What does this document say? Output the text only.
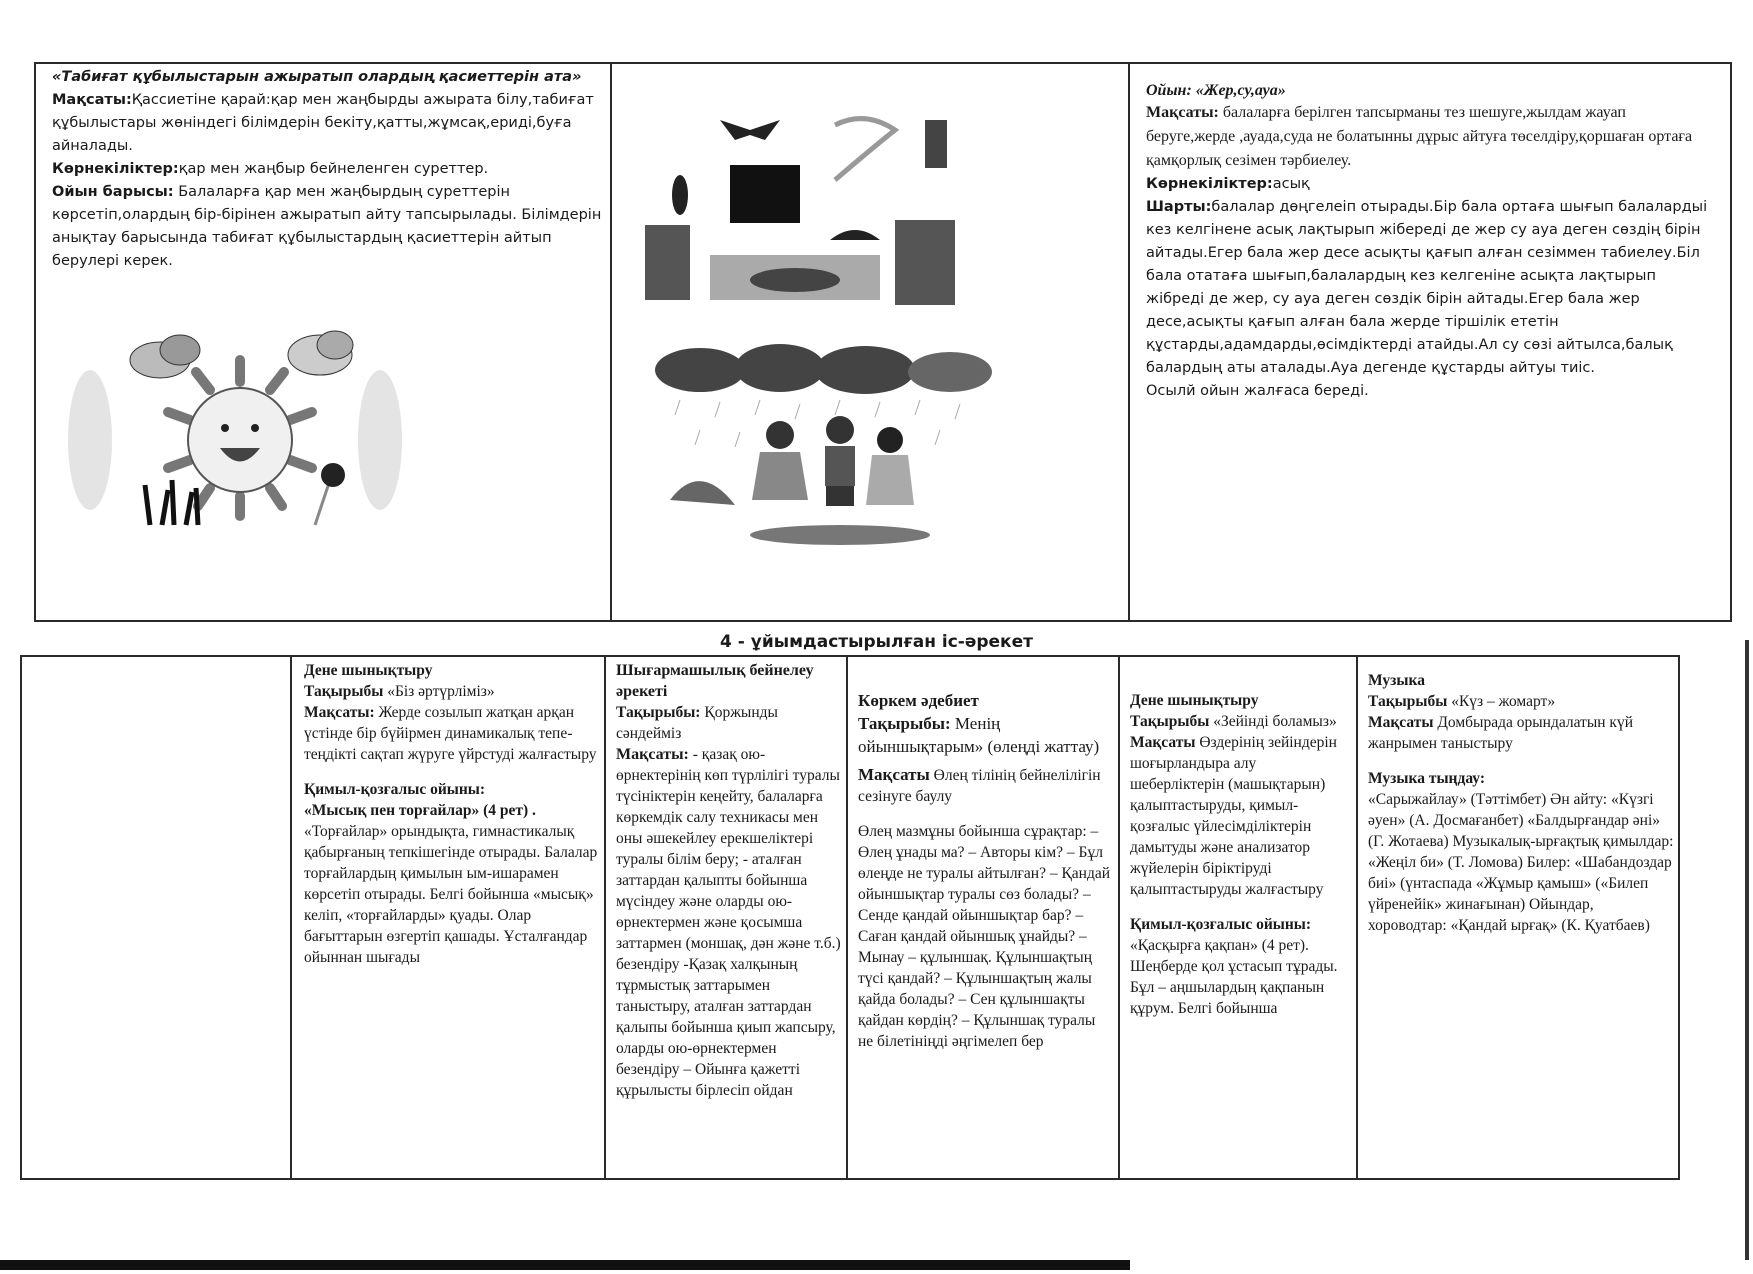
«Табиғат құбылыстарын ажыратып олардың қасиеттерін ата»

Мақсаты:Қассиетіне қарай:қар мен жаңбырды ажырата білу,табиғат құбылыстары жөніндегі білімдерін бекіту,қатты,жұмсақ,ериді,буға айналады.

Көрнекіліктер:қар мен жаңбыр бейнеленген суреттер.

Ойын барысы: Балаларға қар мен жаңбырдың суреттерін көрсетіп,олардың бір-бірінен ажыратып айту тапсырылады. Білімдерін анықтау барысында табиғат құбылыстардың қасиеттерін айтып берулері керек.

Ойын: «Жер,су,ауа»

Мақсаты: балаларға берілген тапсырманы тез шешуге,жылдам жауап беруге,жерде ,ауада,суда не болатынны дұрыс айтуға төселдіру,қоршаған ортаға қамқорлық сезімен тәрбиелеу.

Көрнекіліктер:асық

Шарты:балалар дөңгелеіп отырады.Бір бала ортаға шығып балалардыі кез келгінене асық лақтырып жібереді де жер су ауа деген сөздің бірін айтады.Егер бала жер десе асықты қағып алған сезіммен табиелеу.Біл бала отатаға шығып,балалардың кез келгеніне асықта лақтырып жібреді де жер, су ауа деген сөздік бірін айтады.Егер бала жер десе,асықты қағып алған бала жерде тіршілік ететін құстарды,адамдарды,өсімдіктерді атайды.Ал су сөзі айтылса,балық балардың аты аталады.Ауа дегенде құстарды айтуы тиіс.

Осылй ойын жалғаса береді.

4 - ұйымдастырылған іс-әрекет

Дене шынықтыру

Тақырыбы «Біз әртүрліміз»

Мақсаты: Жерде созылып жатқан арқан үстінде бір бүйірмен динамикалық тепе- теңдікті сақтап жүруге үйрстуді жалғастыру

Қимыл-қозғалыс ойыны:

«Мысық пен торғайлар» (4 рет) . «Торғайлар» орындықта, гимнастикалық қабырғаның тепкішегінде отырады. Балалар торғайлардың қимылын ым-ишарамен көрсетіп отырады. Белгі бойынша «мысық» келіп, «торғайларды» қуады. Олар бағыттарын өзгертіп қашады. Ұсталғандар ойыннан шығады

Шығармашылық бейнелеу әрекеті

Тақырыбы: Қоржынды сәндейміз

Мақсаты: - қазақ ою-өрнектерінің көп түрлілігі туралы түсініктерін кеңейту, балаларға көркемдік салу техникасы мен оны әшекейлеу ерекшеліктері туралы білім беру; - аталған заттардан қалыпты бойынша мүсіндеу және оларды ою-өрнектермен және қосымша заттармен (моншақ, дән және т.б.) безендіру -Қазақ халқының тұрмыстық заттарымен таныстыру, аталған заттардан қалыпы бойынша қиып жапсыру, оларды ою-өрнектермен безендіру – Ойынға қажетті құрылысты бірлесіп ойдан

Көркем әдебиет

Тақырыбы: Менің ойыншықтарым» (өлеңді жаттау)

Мақсаты Өлең тілінің бейнелілігін сезінуге баулу

Өлең мазмұны бойынша сұрақтар: – Өлең ұнады ма? – Авторы кім? – Бұл өлеңде не туралы айтылған? – Қандай ойыншықтар туралы сөз болады? – Сенде қандай ойыншықтар бар? – Саған қандай ойыншық ұнайды? – Мынау – құлыншақ. Құлыншақтың түсі қандай? – Құлыншақтың жалы қайда болады? – Сен құлыншақты қайдан көрдің? – Құлыншақ туралы не білетініңді әңгімелеп бер

Дене шынықтыру

Тақырыбы «Зейінді боламыз»

Мақсаты Өздерінің зейіндерін шоғырландыра алу шеберліктерін (машықтарын) қалыптастыруды, қимыл-қозғалыс үйлесімділіктерін дамытуды және анализатор жүйелерін біріктіруді қалыптастыруды жалғастыру

Қимыл-қозғалыс ойыны: «Қасқырға қақпан» (4 рет). Шеңберде қол ұстасып тұрады. Бұл – аңшылардың қақпанын құрум. Белгі бойынша

Музыка

Тақырыбы «Күз – жомарт»

Мақсаты Домбырада орындалатын күй жанрымен таныстыру

Музыка тыңдау:

«Сарыжайлау» (Тәттімбет) Ән айту: «Күзгі әуен» (А. Досмағанбет) «Балдырғандар әні» (Г. Жотаева) Музыкалық-ырғақтық қимылдар: «Жеңіл би» (Т. Ломова) Билер: «Шабандоздар биі» (үнтаспада «Жұмыр қамыш» («Билеп үйренейік» жинағынан) Ойындар, хороводтар: «Қандай ырғақ» (К. Қуатбаев)
